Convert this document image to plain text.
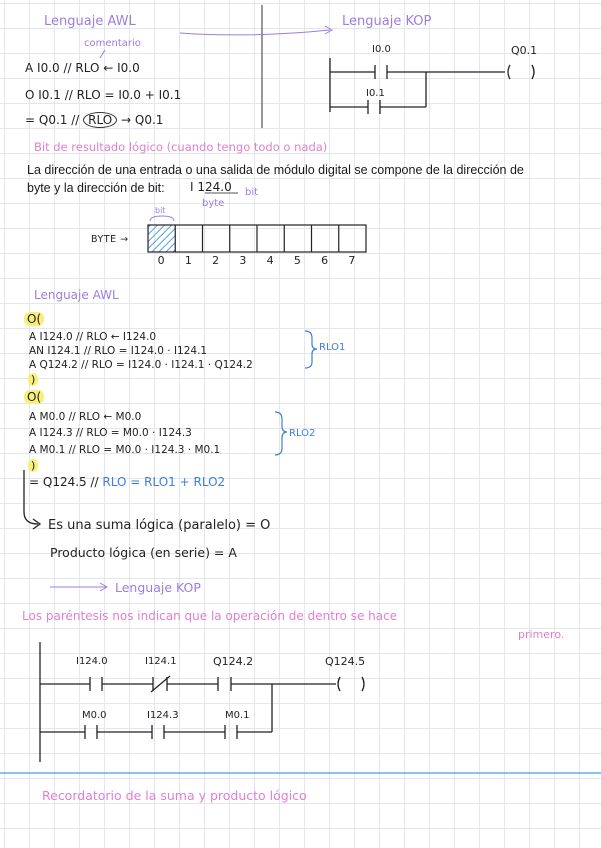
Lenguaje AWL	Lenguaje KOP
comentario
A I0.0 // RLO ← I0.0
O I0.1 // RLO = I0.0 + I0.1
= Q0.1 // RLO → Q0.1
I0.0
I0.1
Q0.1
Bit de resultado lógico (cuando tengo todo o nada)
La dirección de una entrada o una salida de módulo digital se compone de la dirección de
byte y la dirección de bit: I 124.0 bit
byte
BYTE →
bit
0 1 2 3 4 5 6 7
Lenguaje AWL
O(
A I124.0 // RLO ← I124.0
AN I124.1 // RLO = I124.0 · I124.1
A Q124.2 // RLO = I124.0 · I124.1 · Q124.2
)
RLO1
O(
A M0.0 // RLO ← M0.0
A I124.3 // RLO = M0.0 · I124.3
A M0.1 // RLO = M0.0 · I124.3 · M0.1
)
RLO2
= Q124.5 // RLO = RLO1 + RLO2
Es una suma lógica (paralelo) = O
Producto lógica (en serie) = A
Lenguaje KOP
Los paréntesis nos indican que la operación de dentro se hace
primero.
I124.0	I124.1	Q124.2	Q124.5
M0.0	I124.3	M0.1
Recordatorio de la suma y producto lógico
